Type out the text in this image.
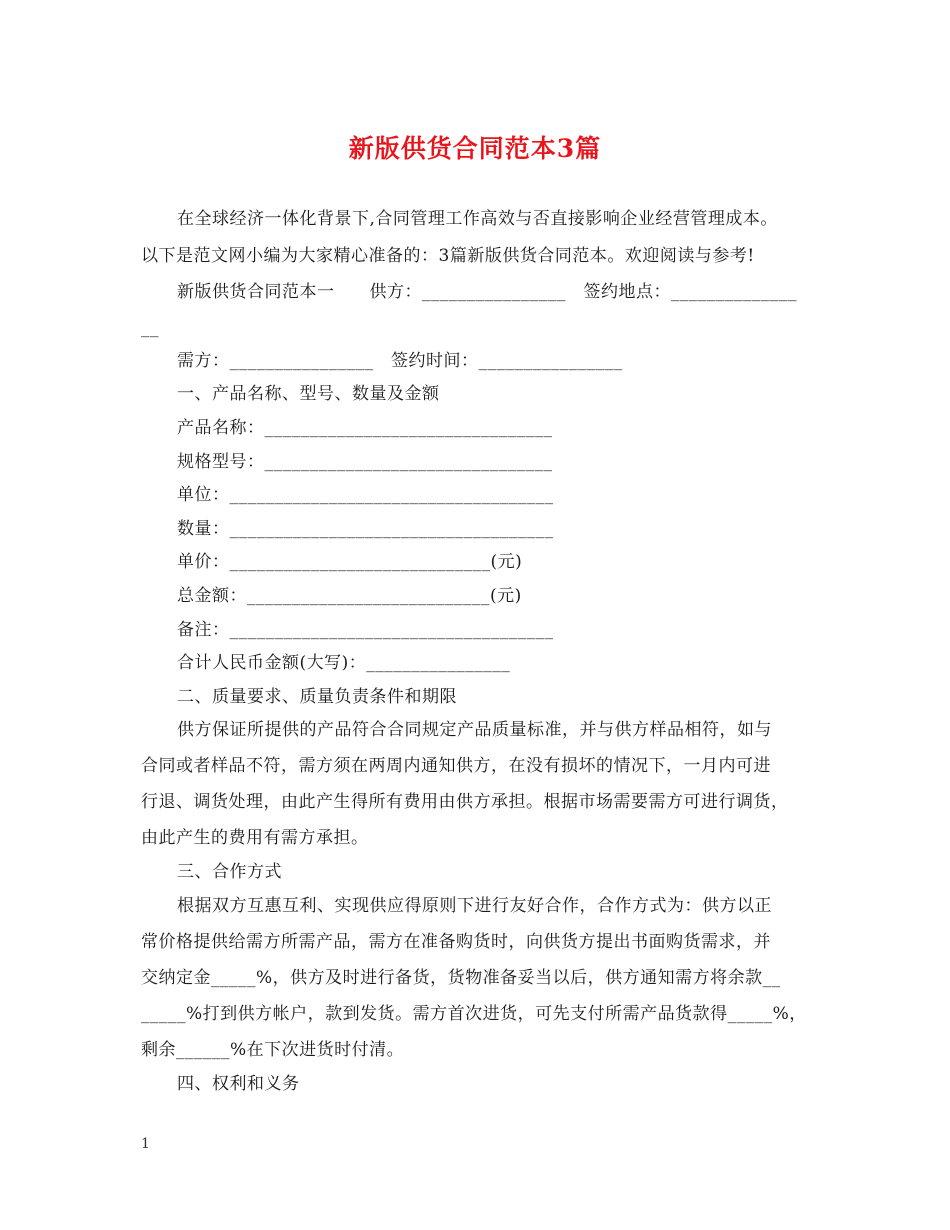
新版供货合同范本3篇
在全球经济一体化背景下,合同管理工作高效与否直接影响企业经营管理成本。
以下是范文网小编为大家精心准备的：3篇新版供货合同范本。欢迎阅读与参考!
新版供货合同范本一　　供方：________________　签约地点：______________
__
需方：________________　签约时间：________________
一、产品名称、型号、数量及金额
产品名称：________________________________
规格型号：________________________________
单位：____________________________________
数量：____________________________________
单价：_____________________________(元)
总金额：___________________________(元)
备注：____________________________________
合计人民币金额(大写)：________________
二、质量要求、质量负责条件和期限
供方保证所提供的产品符合合同规定产品质量标准，并与供方样品相符，如与
合同或者样品不符，需方须在两周内通知供方，在没有损坏的情况下，一月内可进
行退、调货处理，由此产生得所有费用由供方承担。根据市场需要需方可进行调货，
由此产生的费用有需方承担。
三、合作方式
根据双方互惠互利、实现供应得原则下进行友好合作，合作方式为：供方以正
常价格提供给需方所需产品，需方在准备购货时，向供货方提出书面购货需求，并
交纳定金_____%，供方及时进行备货，货物准备妥当以后，供方通知需方将余款__
_____%打到供方帐户，款到发货。需方首次进货，可先支付所需产品货款得_____%，
剩余______%在下次进货时付清。
四、权利和义务
1
